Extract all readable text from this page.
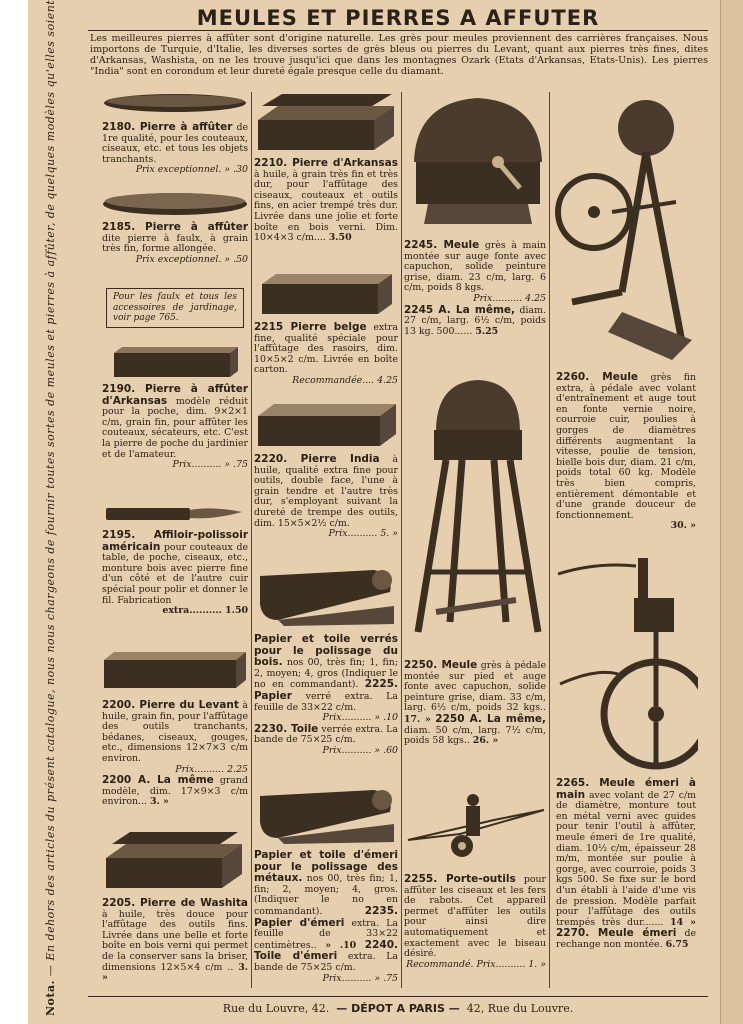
Nota. — En dehors des articles du présent catalogue, nous nous chargeons de fournir toutes sortes de meules et pierres à affûter, de quelques modèles qu'elles soient	MEULES ET PIERRES A AFFUTER
Les meilleures pierres à affûter sont d'origine naturelle. Les grès pour meules proviennent des carrières françaises. Nous importons de Turquie, d'Italie, les diverses sortes de grès bleus ou pierres du Levant, quant aux pierres très fines, dites d'Arkansas, Washista, on ne les trouve jusqu'ici que dans les montagnes Ozark (Etats d'Arkansas, Etats-Unis). Les pierres "India" sont en corondum et leur dureté égale presque celle du diamant.
2180. Pierre à affûter de 1re qualité, pour les couteaux, ciseaux, etc. et tous les objets tranchants.
Prix exceptionnel. » .30
2185. Pierre à affûter dite pierre à faulx, à grain très fin, forme allongée.
Prix exceptionnel. » .50
Pour les faulx et tous les accessoires de jardinage, voir page 765.
2190. Pierre à affûter d'Arkansas modèle réduit pour la poche, dim. 9×2×1 c/m, grain fin, pour affûter les couteaux, sécateurs, etc. C'est la pierre de poche du jardinier et de l'amateur.
Prix.......... » .75
2195. Affiloir-polissoir américain pour couteaux de table, de poche, ciseaux, etc., monture bois avec pierre fine d'un côté et de l'autre cuir spécial pour polir et donner le fil. Fabrication
extra.......... 1.50
2200. Pierre du Levant à huile, grain fin, pour l'affûtage des outils tranchants, bédanes, ciseaux, gouges, etc., dimensions 12×7×3 c/m environ.
Prix.......... 2.25
2200 A. La même grand modèle, dim. 17×9×3 c/m environ... 3. »
2205. Pierre de Washita à huile, très douce pour l'affûtage des outils fins. Livrée dans une belle et forte boîte en bois verni qui permet de la conserver sans la briser, dimensions 12×5×4 c/m .. 3. »
2210. Pierre d'Arkansas à huile, à grain très fin et très dur, pour l'affûtage des ciseaux, couteaux et outils fins, en acier trempé très dur. Livrée dans une jolie et forte boîte en bois verni. Dim. 10×4×3 c/m.... 3.50
2215 Pierre belge extra fine, qualité spéciale pour l'affûtage des rasoirs, dim. 10×5×2 c/m. Livrée en boîte carton.
Recommandée.... 4.25
2220. Pierre India à huile, qualité extra fine pour outils, double face, l'une à grain tendre et l'autre très dur, s'employant suivant la dureté de trempe des outils, dim. 15×5×2½ c/m.
Prix.......... 5. »
Papier et toile verrés pour le polissage du bois. nos 00, très fin; 1, fin; 2, moyen; 4, gros (Indiquer le no en commandant). 2225. Papier verré extra. La feuille de 33×22 c/m.
Prix.......... » .10
2230. Toile verrée extra. La bande de 75×25 c/m.
Prix.......... » .60
Papier et toile d'émeri pour le polissage des métaux. nos 00, très fin; 1, fin; 2, moyen; 4, gros. (Indiquer le no en commandant).	2235. Papier d'émeri extra. La feuille de 33×22 centimètres.. » .10 2240. Toile d'émeri extra. La bande de 75×25 c/m.
Prix.......... » .75
2245. Meule grès à main montée sur auge fonte avec capuchon, solide peinture grise, diam. 23 c/m, larg. 6 c/m, poids 8 kgs.
Prix.......... 4.25
2245 A. La même, diam. 27 c/m, larg. 6½ c/m, poids 13 kg. 500...... 5.25
2250. Meule grès à pédale montée sur pied et auge fonte avec capuchon, solide peinture grise, diam. 33 c/m, larg. 6½ c/m, poids 32 kgs.. 17. » 2250 A. La même, diam. 50 c/m, larg. 7½ c/m, poids 58 kgs.. 26. »
2255. Porte-outils pour affûter les ciseaux et les fers de rabots. Cet appareil permet d'affûter les outils pour ainsi dire automatiquement et exactement avec le biseau désiré.
Recommandé. Prix.......... 1. »
2260. Meule grès fin extra, à pédale avec volant d'entraînement et auge tout en fonte vernie noire, courroie cuir, poulies à gorges de diamètres différents augmentant la vitesse, poulie de tension, bielle bois dur, diam. 21 c/m, poids total 60 kg. Modèle très bien compris, entièrement démontable et d'une grande douceur de fonctionnement.
30. »
2265. Meule émeri à main avec volant de 27 c/m de diamètre, monture tout en métal verni avec guides pour tenir l'outil à affûter, meule émeri de 1re qualité, diam. 10½ c/m, épaisseur 28 m/m, montée sur poulie à gorge, avec courroie, poids 3 kgs 500. Se fixe sur le bord d'un établi à l'aide d'une vis de pression. Modèle parfait pour l'affûtage des outils trempés très dur....... 14 » 2270. Meule émeri de rechange non montée. 6.75
Rue du Louvre, 42. — DÉPOT A PARIS — 42, Rue du Louvre.
